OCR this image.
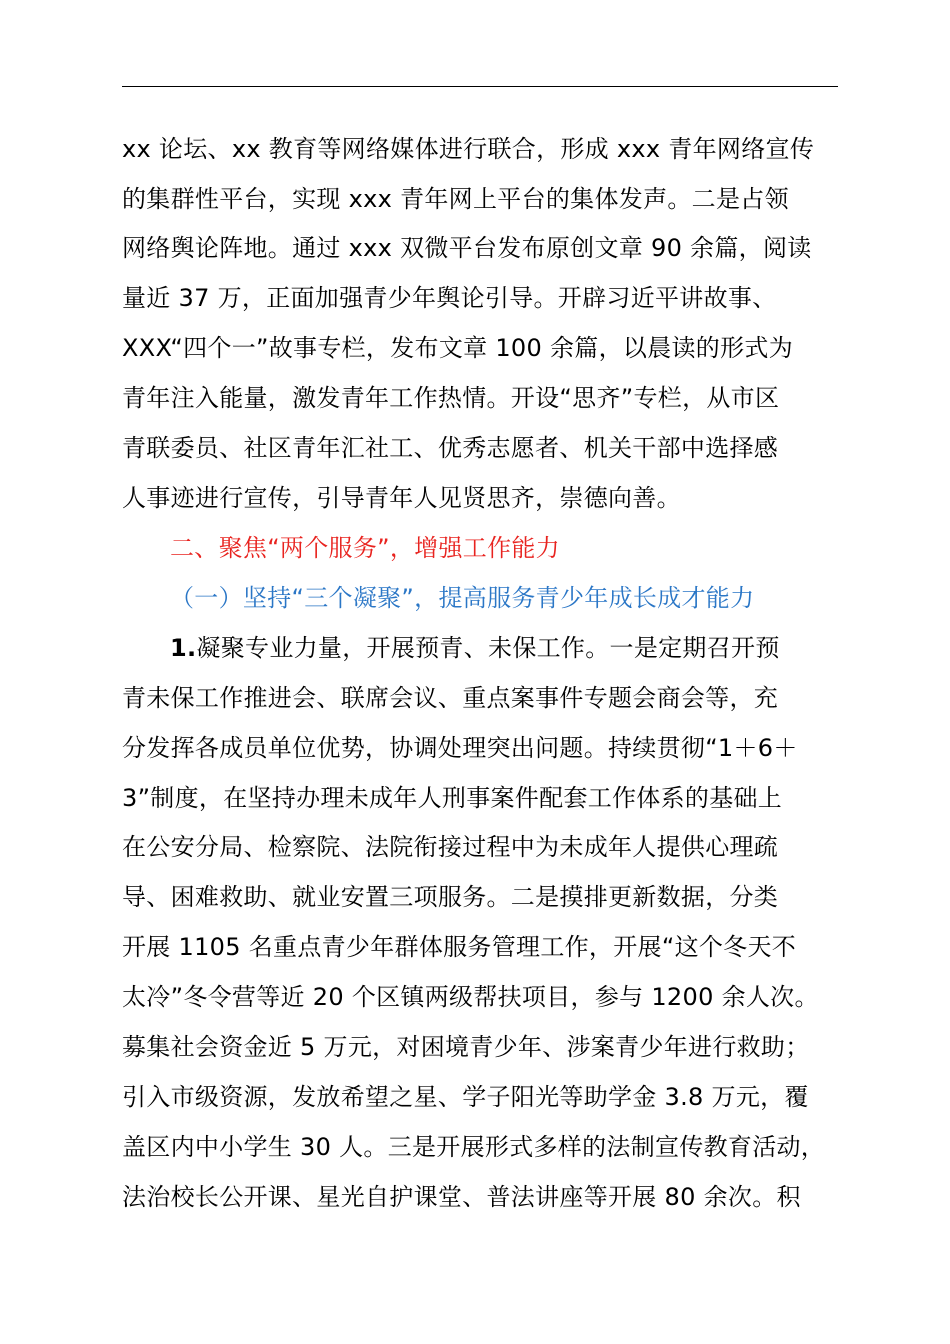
xx 论坛、xx 教育等网络媒体进行联合，形成 xxx 青年网络宣传
的集群性平台，实现 xxx 青年网上平台的集体发声。二是占领
网络舆论阵地。通过 xxx 双微平台发布原创文章 90 余篇，阅读
量近 37 万，正面加强青少年舆论引导。开辟习近平讲故事、
XXX“四个一”故事专栏，发布文章 100 余篇，以晨读的形式为
青年注入能量，激发青年工作热情。开设“思齐”专栏，从市区
青联委员、社区青年汇社工、优秀志愿者、机关干部中选择感
人事迹进行宣传，引导青年人见贤思齐，崇德向善。
二、聚焦“两个服务”，增强工作能力
（一）坚持“三个凝聚”，提高服务青少年成长成才能力
1.凝聚专业力量，开展预青、未保工作。一是定期召开预
青未保工作推进会、联席会议、重点案事件专题会商会等，充
分发挥各成员单位优势，协调处理突出问题。持续贯彻“1＋6＋
3”制度，在坚持办理未成年人刑事案件配套工作体系的基础上
在公安分局、检察院、法院衔接过程中为未成年人提供心理疏
导、困难救助、就业安置三项服务。二是摸排更新数据，分类
开展 1105 名重点青少年群体服务管理工作，开展“这个冬天不
太冷”冬令营等近 20 个区镇两级帮扶项目，参与 1200 余人次。
募集社会资金近 5 万元，对困境青少年、涉案青少年进行救助；
引入市级资源，发放希望之星、学子阳光等助学金 3.8 万元，覆
盖区内中小学生 30 人。三是开展形式多样的法制宣传教育活动，
法治校长公开课、星光自护课堂、普法讲座等开展 80 余次。积
